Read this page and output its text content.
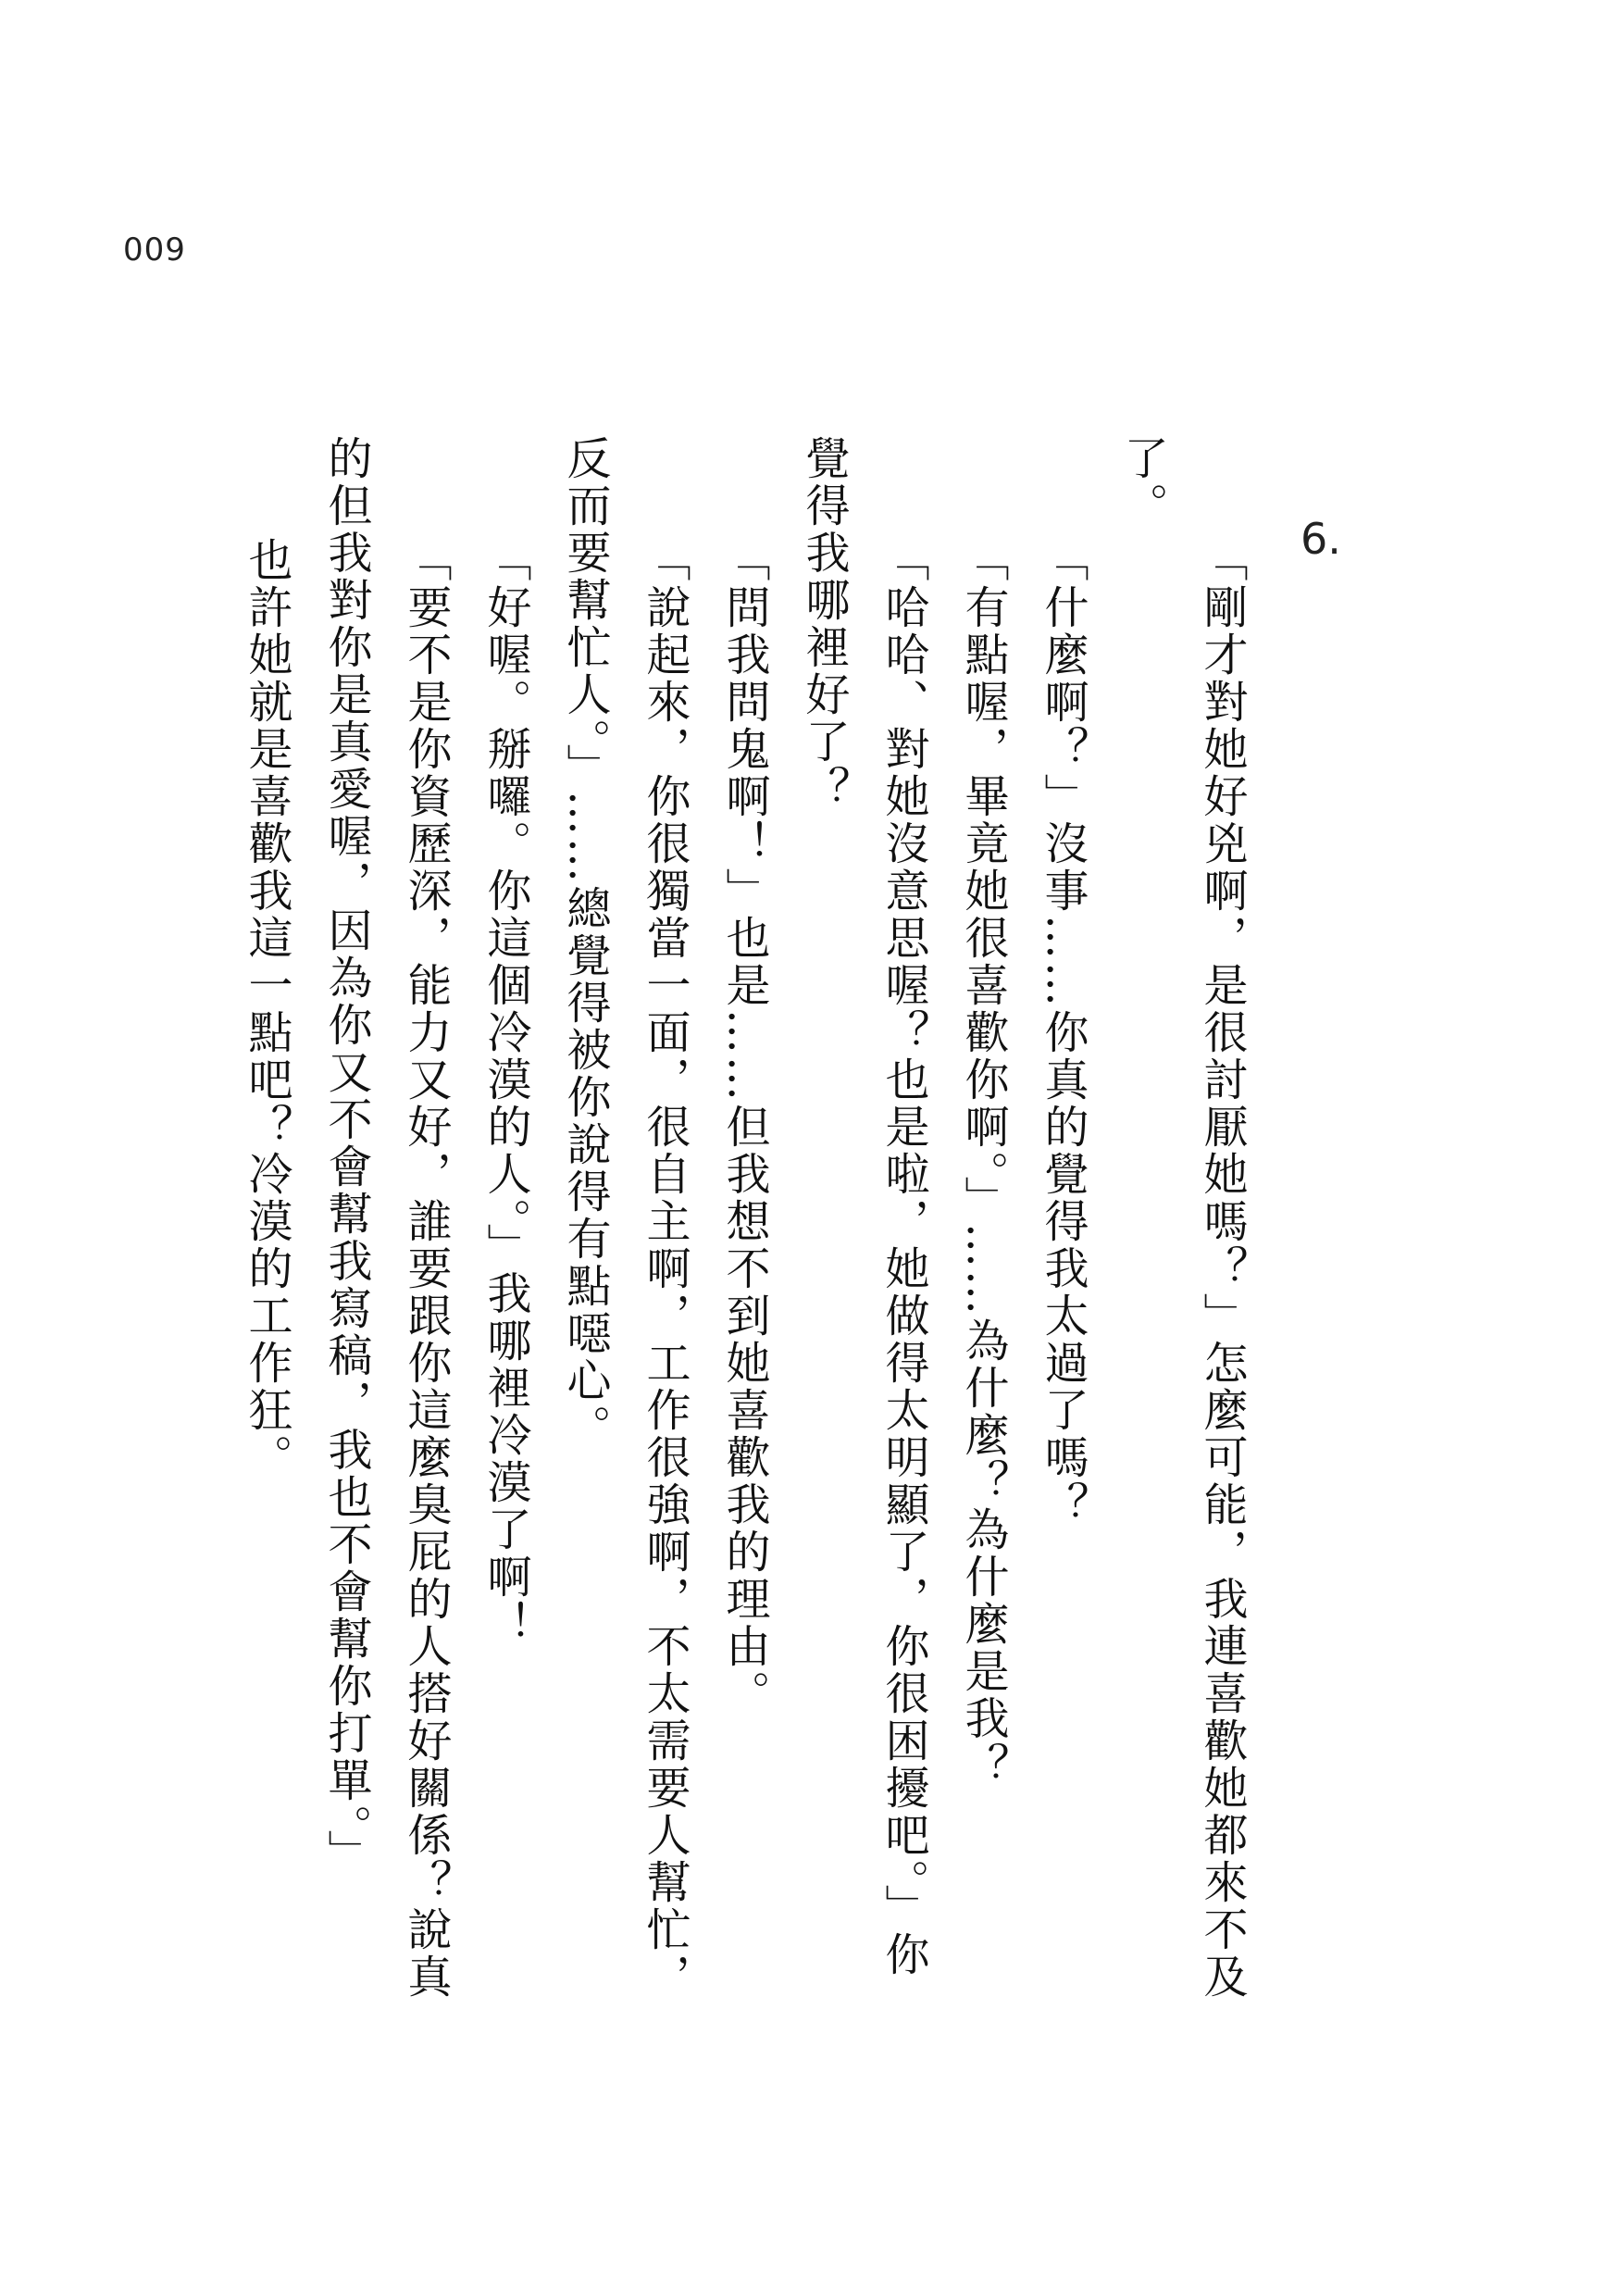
009
6.

「剛才對她好兇啊，是很討厭她嗎？」怎麼可能，我連喜歡她都來不及

了。

「什麼啊？」沒事……你真的覺得我太過了嗎？

「有點喔，畢竟她很喜歡你啊。」……為什麼？為什麼是我？

「哈哈、對她沒意思喔？也是啦，她做得太明顯了，你很困擾吧。」你

覺得我哪裡好了？

「問我問鬼啊！」也是……但我想不到她喜歡我的理由。

「說起來，你很獨當一面，很自主啊，工作很強啊，不太需要人幫忙，

反而要幫忙人。」……總覺得被你說得有點噁心。

「好喔。掰囉。你這個冷漠的人。」我哪裡冷漠了啊！

「要不是你資歷深，能力又好，誰要跟你這麼臭屁的人搭好關係？說真

的但我對你是真愛喔，因為你又不會幫我寫稿，我也不會幫你打單。」

也許她就是喜歡我這一點吧？冷漠的工作狂。
